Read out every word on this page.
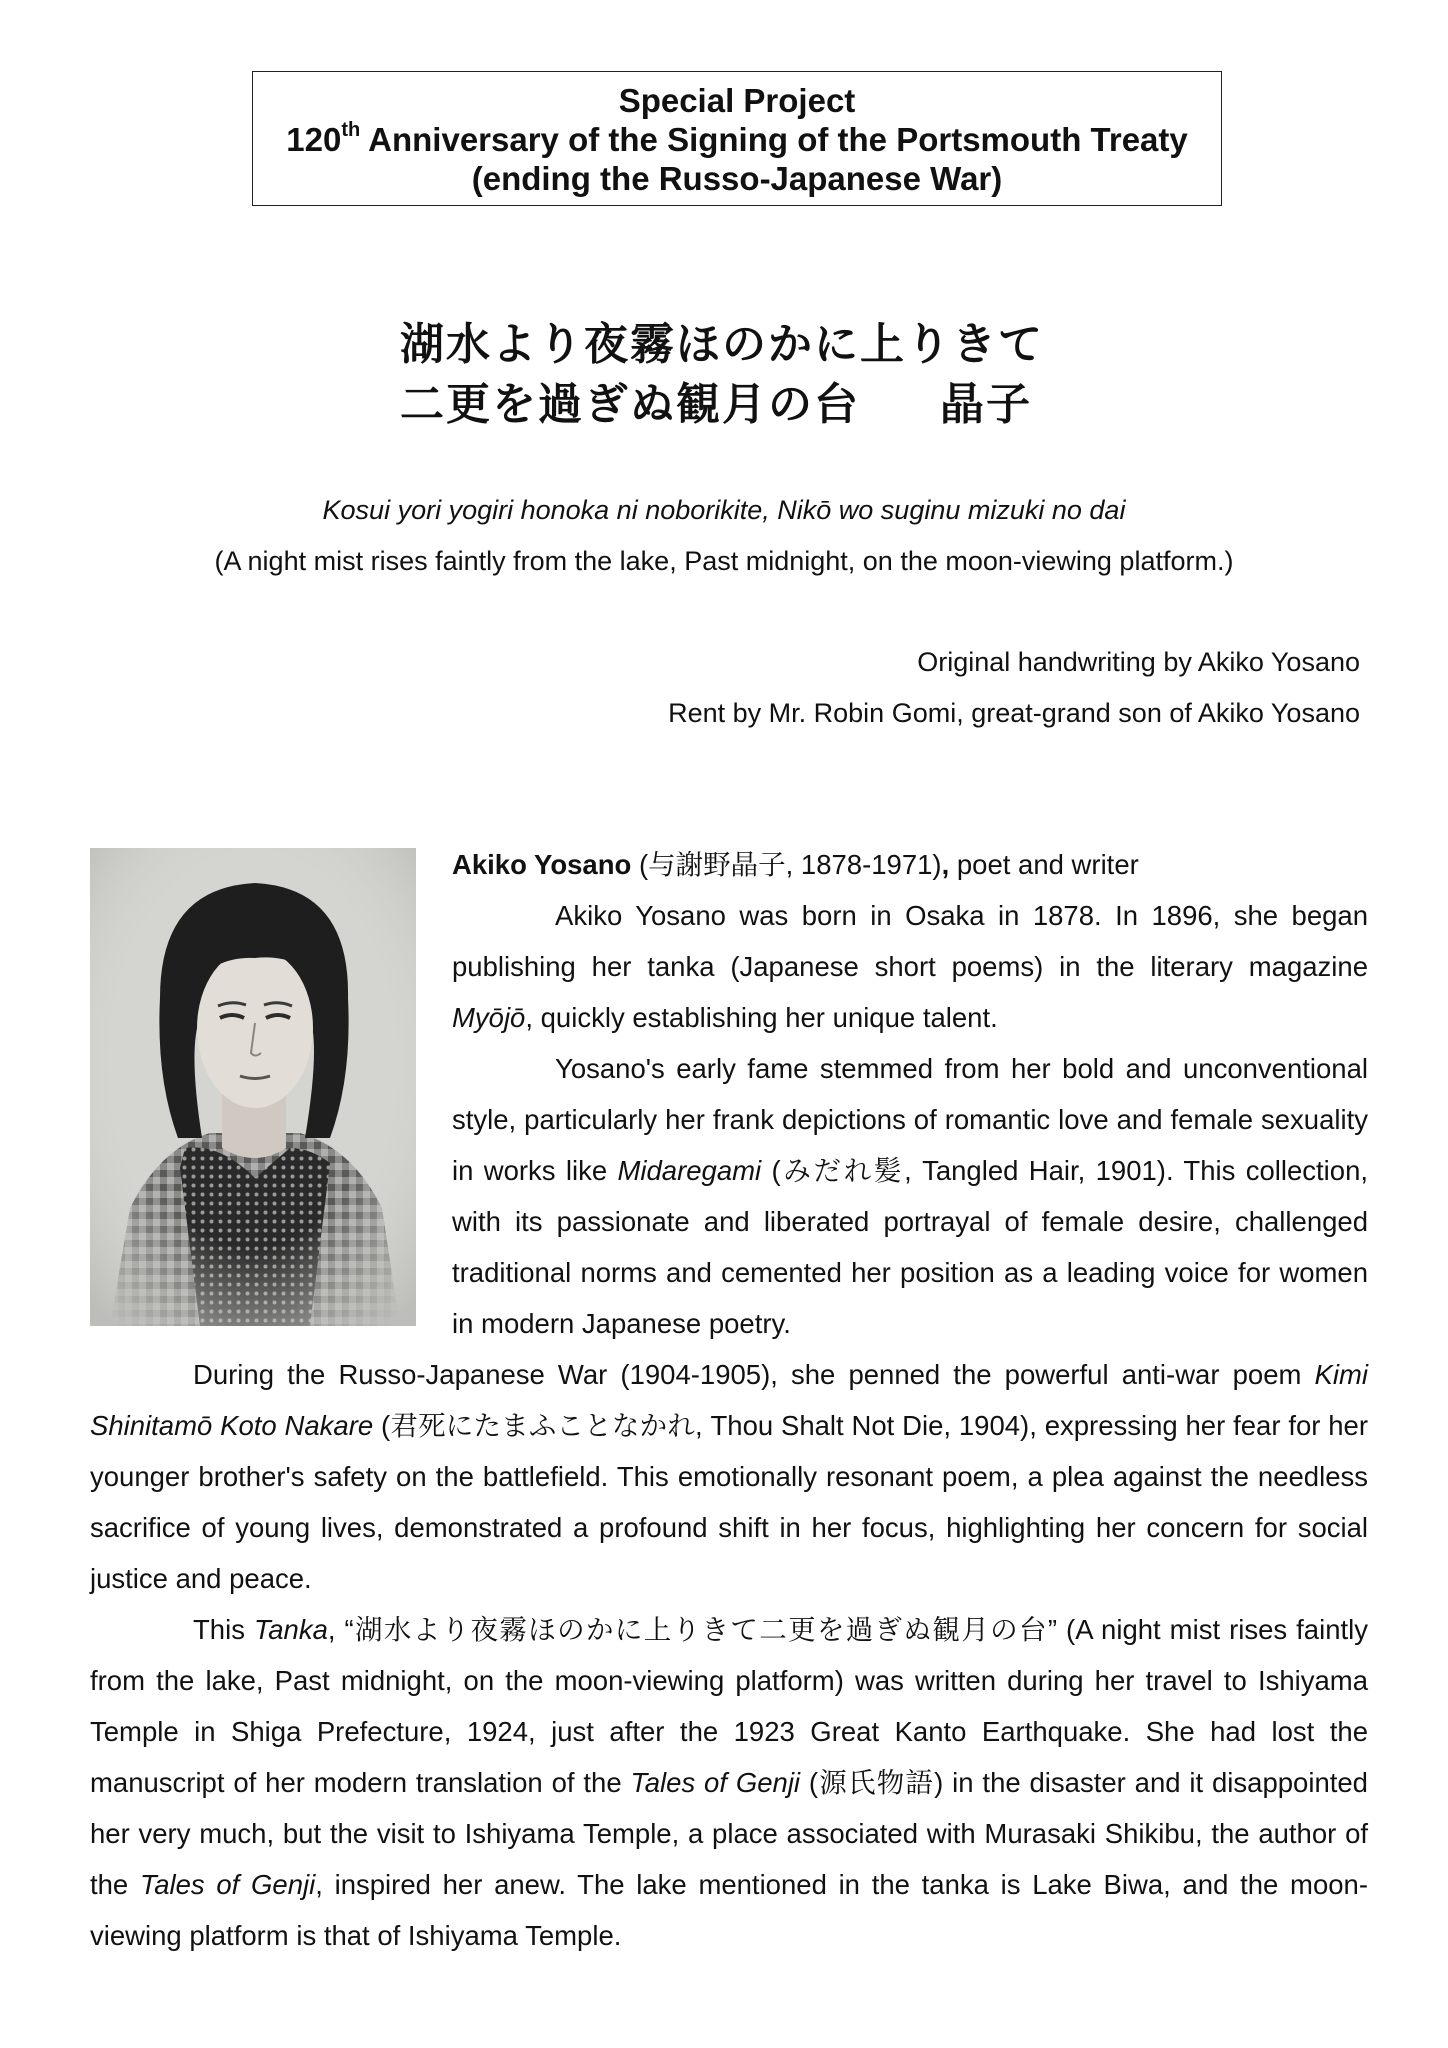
Special Project
120th Anniversary of the Signing of the Portsmouth Treaty
(ending the Russo-Japanese War)
湖水より夜霧ほのかに上りきて
二更を過ぎぬ観月の台 晶子
Kosui yori yogiri honoka ni noborikite, Nikō wo suginu mizuki no dai
(A night mist rises faintly from the lake, Past midnight, on the moon-viewing platform.)
Original handwriting by Akiko Yosano
Rent by Mr. Robin Gomi, great-grand son of Akiko Yosano

Akiko Yosano (与謝野晶子, 1878-1971), poet and writer

Akiko Yosano was born in Osaka in 1878. In 1896, she began publishing her tanka (Japanese short poems) in the literary magazine Myōjō, quickly establishing her unique talent.

Yosano's early fame stemmed from her bold and unconventional style, particularly her frank depictions of romantic love and female sexuality in works like Midaregami (みだれ髪, Tangled Hair, 1901). This collection, with its passionate and liberated portrayal of female desire, challenged traditional norms and cemented her position as a leading voice for women in modern Japanese poetry.

During the Russo-Japanese War (1904‑1905), she penned the powerful anti-war poem Kimi Shinitamō Koto Nakare (君死にたまふことなかれ, Thou Shalt Not Die, 1904), expressing her fear for her younger brother's safety on the battlefield. This emotionally resonant poem, a plea against the needless sacrifice of young lives, demonstrated a profound shift in her focus, highlighting her concern for social justice and peace.

This Tanka, “湖水より夜霧ほのかに上りきて二更を過ぎぬ観月の台” (A night mist rises faintly from the lake, Past midnight, on the moon-viewing platform) was written during her travel to Ishiyama Temple in Shiga Prefecture, 1924, just after the 1923 Great Kanto Earthquake. She had lost the manuscript of her modern translation of the Tales of Genji (源氏物語) in the disaster and it disappointed her very much, but the visit to Ishiyama Temple, a place associated with Murasaki Shikibu, the author of the Tales of Genji, inspired her anew. The lake mentioned in the tanka is Lake Biwa, and the moon-viewing platform is that of Ishiyama Temple.
